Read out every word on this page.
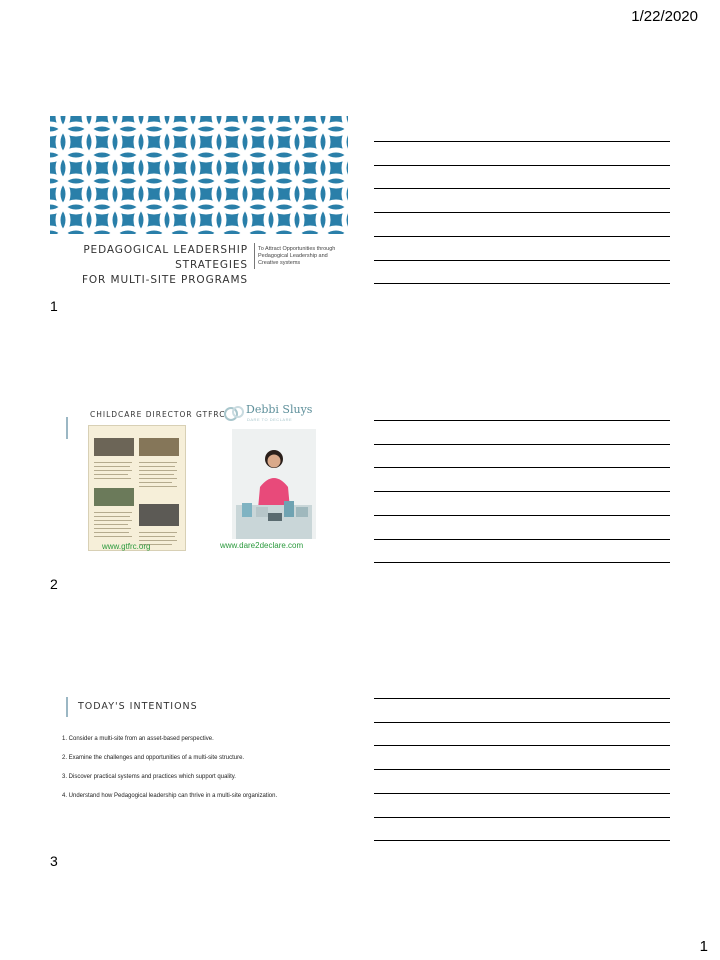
1/22/2020
PEDAGOGICAL LEADERSHIP STRATEGIES
FOR MULTI-SITE PROGRAMS
To Attract Opportunities through
Pedagogical Leadership and
Creative systems
1
CHILDCARE DIRECTOR GTFRC Debbi Sluys
DARE TO DECLARE
www.gtfrc.org	www.dare2declare.com
2
TODAY'S INTENTIONS
1. Consider a multi-site from an asset-based perspective.
2. Examine the challenges and opportunities of a multi-site structure.
3. Discover practical systems and practices which support quality.
4. Understand how Pedagogical leadership can thrive in a multi-site organization.
3
1
